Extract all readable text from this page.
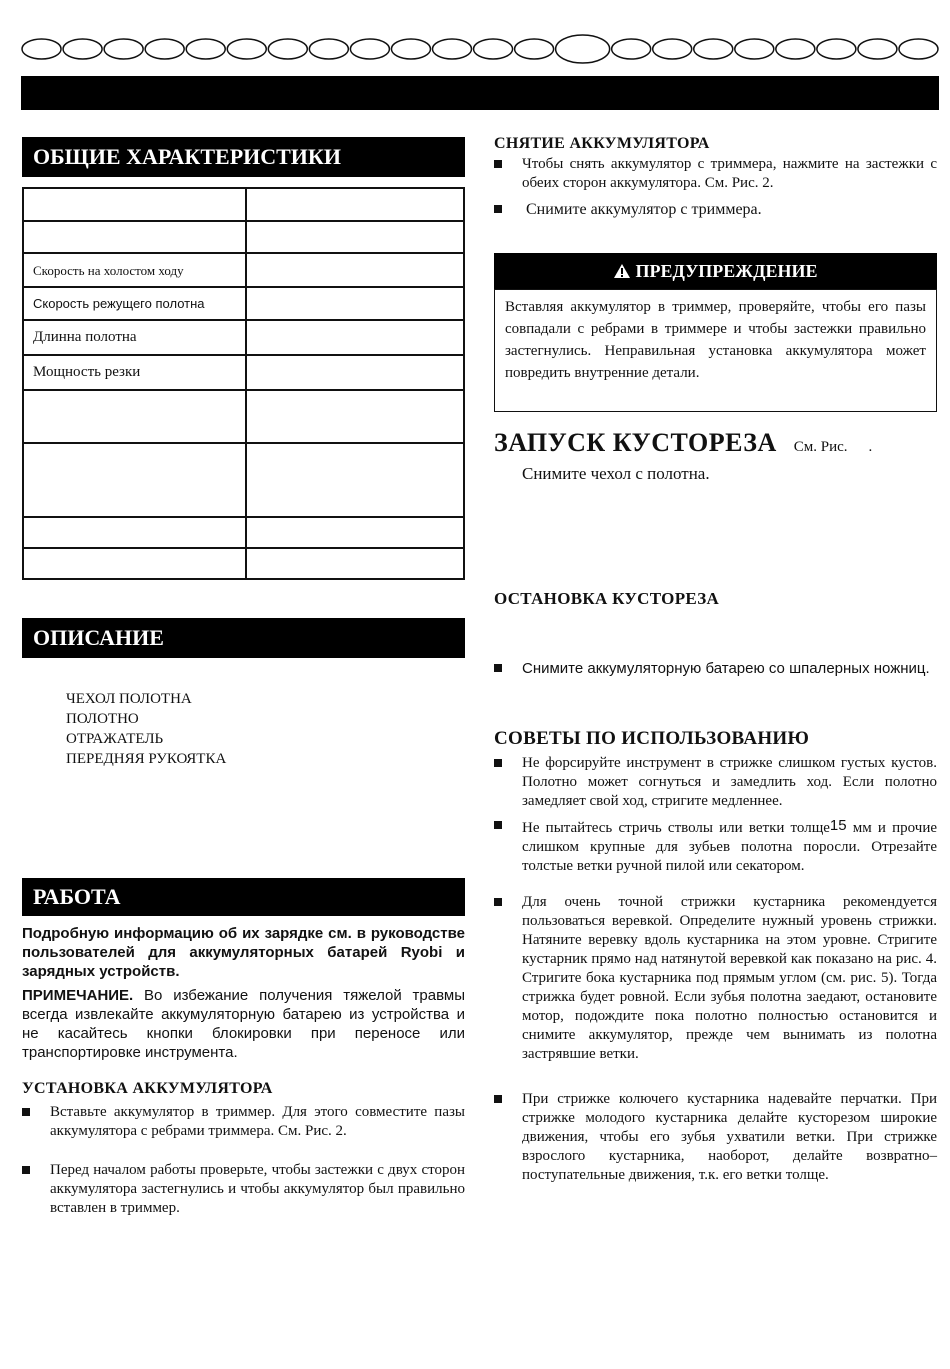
ОБЩИЕ ХАРАКТЕРИСТИКИ

Скорость на холостом ходу	
Скорость режущего полотна	
Длинна полотна	
Мощность резки	

ОПИСАНИЕ
ЧЕХОЛ ПОЛОТНА
ПОЛОТНО
ОТРАЖАТЕЛЬ
ПЕРЕДНЯЯ РУКОЯТКА
РАБОТА
Подробную информацию об их зарядке см. в руководстве пользователей для аккумуляторных батарей Ryobi и зарядных устройств.
ПРИМЕЧАНИЕ. Во избежание получения тяжелой травмы всегда извлекайте аккумуляторную батарею из устройства и не касайтесь кнопки блокировки при переносе или транспортировке инструмента.
УСТАНОВКА АККУМУЛЯТОРА
Вставьте аккумулятор в триммер. Для этого совместите пазы аккумулятора с ребрами триммера. См. Рис. 2.
Перед началом работы проверьте, чтобы застежки с двух сторон аккумулятора застегнулись и чтобы аккумулятор был правильно вставлен в триммер.
СНЯТИЕ АККУМУЛЯТОРА
Чтобы снять аккумулятор с триммера, нажмите на застежки с обеих сторон аккумулятора. См. Рис. 2.
Снимите аккумулятор с триммера.
ПРЕДУПРЕЖДЕНИЕ
Вставляя аккумулятор в триммер, проверяйте, чтобы его пазы совпадали с ребрами в триммере и чтобы застежки правильно застегнулись. Неправильная установка аккумулятора может повредить внутренние детали.
ЗАПУСК КУСТОРЕЗА См. Рис. .
Снимите чехол с полотна.
ОСТАНОВКА КУСТОРЕЗА
Снимите аккумуляторную батарею со шпалерных ножниц.
СОВЕТЫ ПО ИСПОЛЬЗОВАНИЮ
Не форсируйте инструмент в стрижке слишком густых кустов. Полотно может согнуться и замедлить ход. Если полотно замедляет свой ход, стригите медленнее.
Не пытайтесь стричь стволы или ветки толще15 мм и прочие слишком крупные для зубьев полотна поросли. Отрезайте толстые ветки ручной пилой или секатором.
Для очень точной стрижки кустарника рекомендуется пользоваться веревкой. Определите нужный уровень стрижки. Натяните веревку вдоль кустарника на этом уровне. Стригите кустарник прямо над натянутой веревкой как показано на рис. 4. Стригите бока кустарника под прямым углом (см. рис. 5). Тогда стрижка будет ровной. Если зубья полотна заедают, остановите мотор, подождите пока полотно полностью остановится и снимите аккумулятор, прежде чем вынимать из полотна застрявшие ветки.
При стрижке колючего кустарника надевайте перчатки. При стрижке молодого кустарника делайте кусторезом широкие движения, чтобы его зубья ухватили ветки. При стрижке взрослого кустарника, наоборот, делайте возвратно–поступательные движения, т.к. его ветки толще.
